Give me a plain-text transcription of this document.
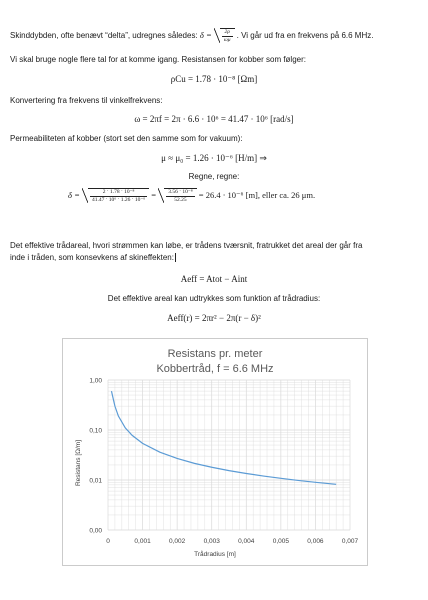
Skinddybden, ofte benævt “delta”, udregnes således: $\delta = \frac{2\rho}{\omega\mu}$ . Vi går ud fra en frekvens på 6.6 MHz.
Vi skal bruge nogle flere tal for at komme igang. Resistansen for kobber som følger:
ρCu = 1.78 ⋅ 10⁻⁸ [Ωm]
Konvertering fra frekvens til vinkelfrekvens:
ω = 2πf = 2π ⋅ 6.6 ⋅ 10⁶ = 41.47 ⋅ 10⁶ [rad/s]
Permeabiliteten af kobber (stort set den samme som for vakuum):
μ ≈ μ₀ = 1.26 ⋅ 10⁻⁶ [H/m] ⇒
Regne, regne:
$\delta = \frac{\text{2 ⋅ 1.78 ⋅ 10⁻⁸}}{\text{41.47 ⋅ 10⁶ ⋅ 1.26 ⋅ 10⁻⁶}} = \frac{\text{3.56 ⋅ 10⁻⁸}}{52.25} = 26.4 \cdot 10^{-6}$ [m], eller ca. 26 μm.
Det effektive trådareal, hvori strømmen kan løbe, er trådens tværsnit, fratrukket det areal der går fra
inde i tråden, som konsevkens af skineffekten:
Aeff = Atot − Aint
Det effektive areal kan udtrykkes som funktion af trådradius:
Aeff(r) = 2πr² − 2π(r − δ)²
Resistans pr. meter
Kobbertråd, f = 6.6 MHz
0,00
0,01
0,10
1,00
0	0,001	0,002	0,003	0,004	0,005	0,006	0,007
Trådradius [m]
Resistans [Ω/m]
